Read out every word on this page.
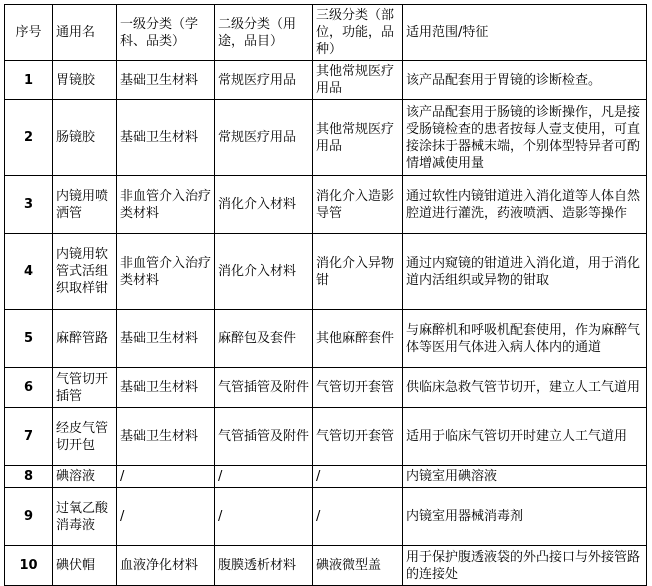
序号	通用名	一级分类（学科、品类）	二级分类（用途，品目）	三级分类（部位，功能，品种）	适用范围/特征
1	胃镜胶	基础卫生材料	常规医疗用品	其他常规医疗用品	该产品配套用于胃镜的诊断检查。
2	肠镜胶	基础卫生材料	常规医疗用品	其他常规医疗用品	该产品配套用于肠镜的诊断操作，凡是接受肠镜检查的患者按每人壹支使用，可直接涂抹于器械末端，个别体型特异者可酌情增减使用量
3	内镜用喷洒管	非血管介入治疗类材料	消化介入材料	消化介入造影导管	通过软性内镜钳道进入消化道等人体自然腔道进行灌洗，药液喷洒、造影等操作
4	内镜用软管式活组织取样钳	非血管介入治疗类材料	消化介入材料	消化介入异物钳	通过内窥镜的钳道进入消化道，用于消化道内活组织或异物的钳取
5	麻醉管路	基础卫生材料	麻醉包及套件	其他麻醉套件	与麻醉机和呼吸机配套使用，作为麻醉气体等医用气体进入病人体内的通道
6	气管切开插管	基础卫生材料	气管插管及附件	气管切开套管	供临床急救气管节切开，建立人工气道用
7	经皮气管切开包	基础卫生材料	气管插管及附件	气管切开套管	适用于临床气管切开时建立人工气道用
8	碘溶液	/	/	/	内镜室用碘溶液
9	过氧乙酸消毒液	/	/	/	内镜室用器械消毒剂
10	碘伏帽	血液净化材料	腹膜透析材料	碘液微型盖	用于保护腹透液袋的外凸接口与外接管路的连接处
